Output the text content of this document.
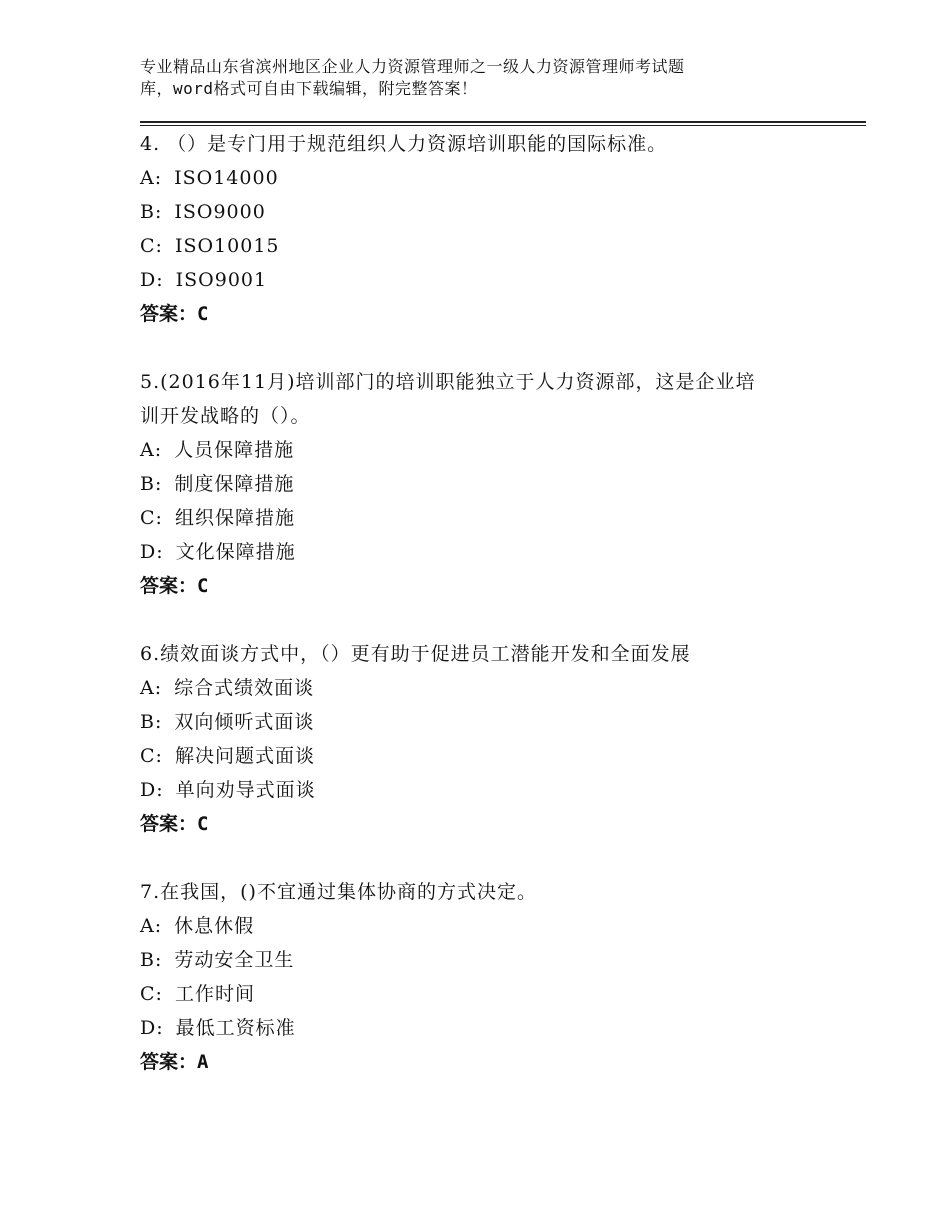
专业精品山东省滨州地区企业人力资源管理师之一级人力资源管理师考试题
库，word格式可自由下载编辑，附完整答案！
4. （）是专门用于规范组织人力资源培训职能的国际标准。
A: ISO14000
B: ISO9000
C: ISO10015
D: ISO9001
答案：C
5.(2016年11月)培训部门的培训职能独立于人力资源部，这是企业培
训开发战略的（）。
A: 人员保障措施
B: 制度保障措施
C: 组织保障措施
D: 文化保障措施
答案：C
6.绩效面谈方式中，（）更有助于促进员工潜能开发和全面发展
A: 综合式绩效面谈
B: 双向倾听式面谈
C: 解决问题式面谈
D: 单向劝导式面谈
答案：C
7.在我国，()不宜通过集体协商的方式决定。
A: 休息休假
B: 劳动安全卫生
C: 工作时间
D: 最低工资标准
答案：A
